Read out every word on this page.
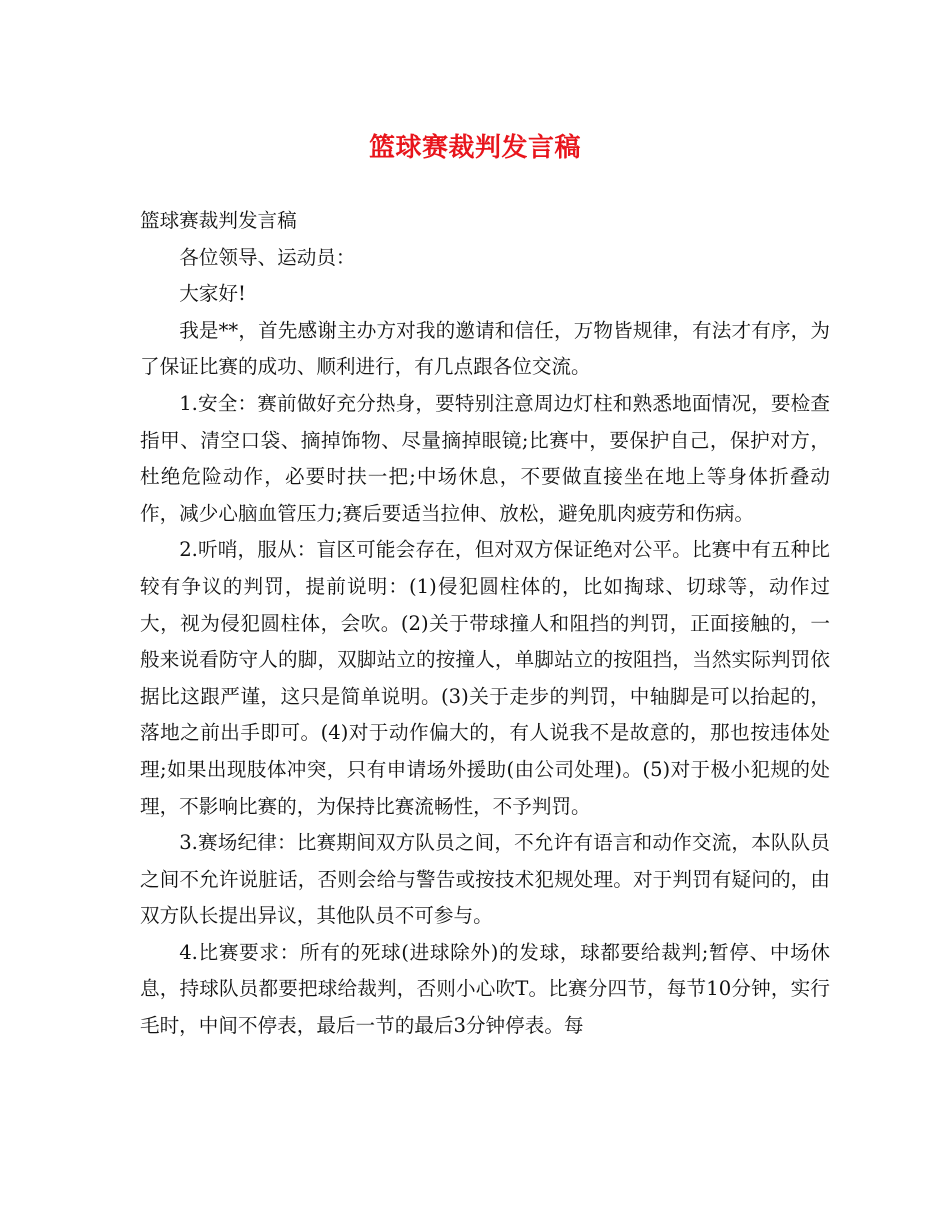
篮球赛裁判发言稿

篮球赛裁判发言稿

各位领导、运动员：

大家好!

我是**，首先感谢主办方对我的邀请和信任，万物皆规律，有法才有序，为了保证比赛的成功、顺利进行，有几点跟各位交流。

1.安全：赛前做好充分热身，要特别注意周边灯柱和熟悉地面情况，要检查指甲、清空口袋、摘掉饰物、尽量摘掉眼镜;比赛中，要保护自己，保护对方，杜绝危险动作，必要时扶一把;中场休息，不要做直接坐在地上等身体折叠动作，减少心脑血管压力;赛后要适当拉伸、放松，避免肌肉疲劳和伤病。

2.听哨，服从：盲区可能会存在，但对双方保证绝对公平。比赛中有五种比较有争议的判罚，提前说明：(1)侵犯圆柱体的，比如掏球、切球等，动作过大，视为侵犯圆柱体，会吹。(2)关于带球撞人和阻挡的判罚，正面接触的，一般来说看防守人的脚，双脚站立的按撞人，单脚站立的按阻挡，当然实际判罚依据比这跟严谨，这只是简单说明。(3)关于走步的判罚，中轴脚是可以抬起的，落地之前出手即可。(4)对于动作偏大的，有人说我不是故意的，那也按违体处理;如果出现肢体冲突，只有申请场外援助(由公司处理)。(5)对于极小犯规的处理，不影响比赛的，为保持比赛流畅性，不予判罚。

3.赛场纪律：比赛期间双方队员之间，不允许有语言和动作交流，本队队员之间不允许说脏话，否则会给与警告或按技术犯规处理。对于判罚有疑问的，由双方队长提出异议，其他队员不可参与。

4.比赛要求：所有的死球(进球除外)的发球，球都要给裁判;暂停、中场休息，持球队员都要把球给裁判，否则小心吹T。比赛分四节，每节10分钟，实行毛时，中间不停表，最后一节的最后3分钟停表。每
